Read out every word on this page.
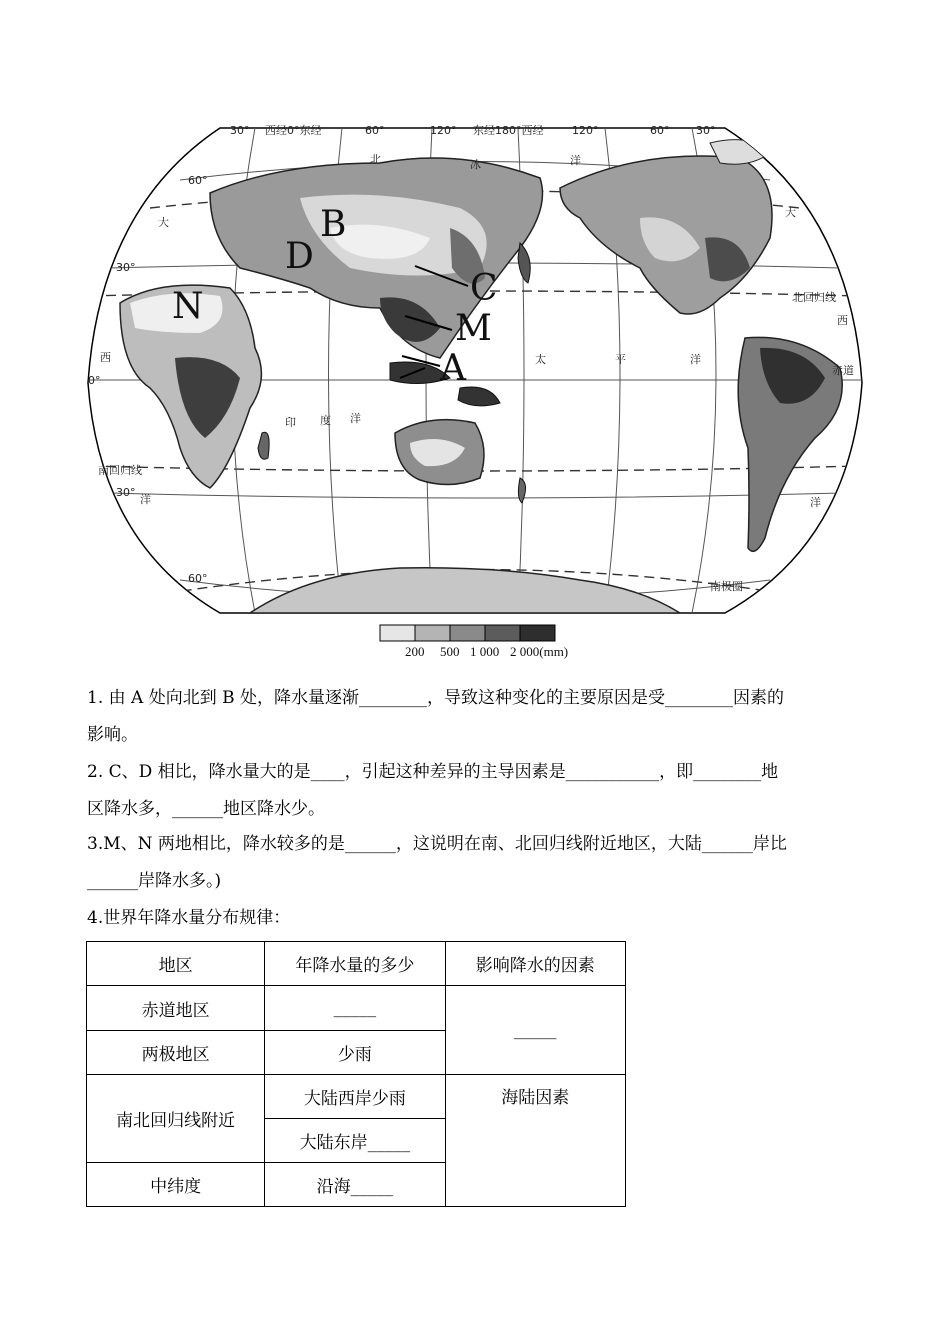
30° 西经0°东经	60°	120° 东经180°西经	120°	60° 30°
60°
30°
0°
30°
60°
北	冰	洋
大
西
洋
太	平	洋
印 度 洋
大
西
洋
北回归线
赤道
南回归线
南极圈
B
D
C
N
M
A
200 500 1 000 2 000(mm)
1. 由 A 处向北到 B 处，降水量逐渐________，导致这种变化的主要原因是受________因素的
影响。
2. C、D 相比，降水量大的是____，引起这种差异的主导因素是___________，即________地
区降水多，______地区降水少。
3.M、N 两地相比，降水较多的是______，这说明在南、北回归线附近地区，大陆______岸比
______岸降水多。)
4.世界年降水量分布规律：
地区	年降水量的多少	影响降水的因素
赤道地区	_____	_____
两极地区	少雨	
南北回归线附近	大陆西岸少雨	海陆因素
	大陆东岸_____	
中纬度	沿海_____	
